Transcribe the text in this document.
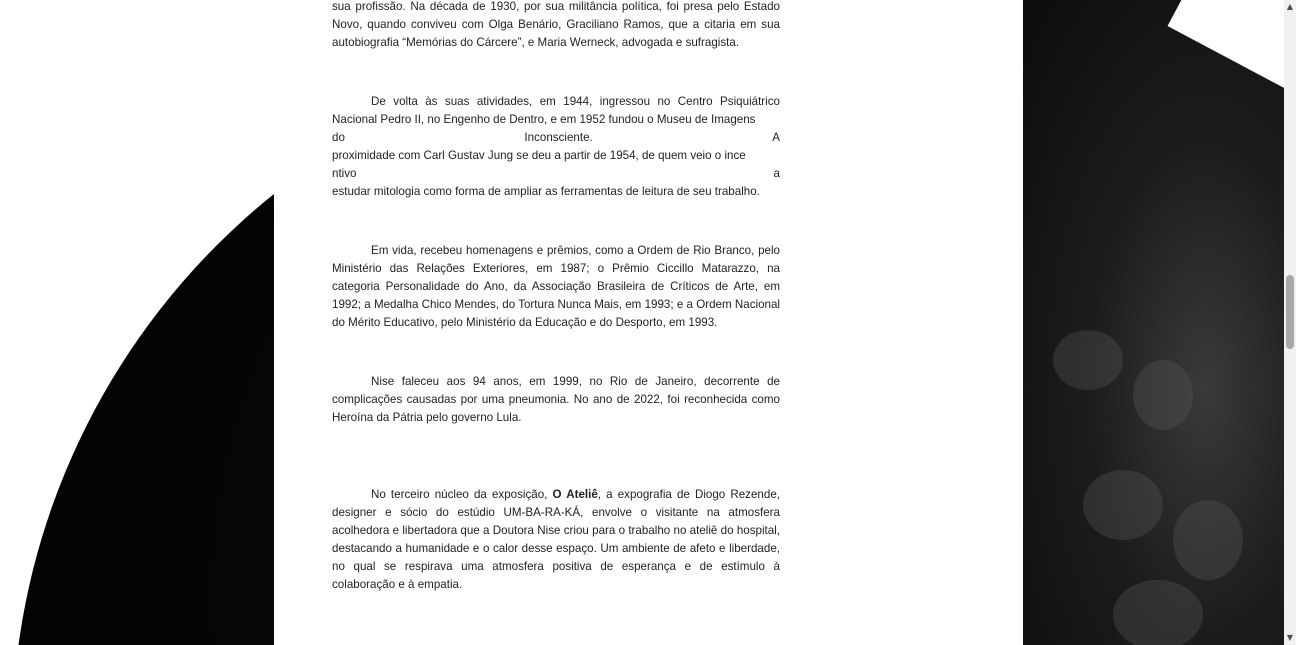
sua profissão. Na década de 1930, por sua militância política, foi presa pelo Estado Novo, quando conviveu com Olga Benário, Graciliano Ramos, que a citaria em sua autobiografia “Memórias do Cárcere”, e Maria Werneck, advogada e sufragista.

De volta às suas atividades, em 1944, ingressou no Centro Psiquiátrico Nacional Pedro II, no Engenho de Dentro, e em 1952 fundou o Museu de Imagens

do	Inconsciente.	A

proximidade com Carl Gustav Jung se deu a partir de 1954, de quem veio o ince

ntivo	a

estudar mitologia como forma de ampliar as ferramentas de leitura de seu trabalho.

Em vida, recebeu homenagens e prêmios, como a Ordem de Rio Branco, pelo Ministério das Relações Exteriores, em 1987; o Prêmio Ciccillo Matarazzo, na categoria Personalidade do Ano, da Associação Brasileira de Críticos de Arte, em 1992; a Medalha Chico Mendes, do Tortura Nunca Mais, em 1993; e a Ordem Nacional do Mérito Educativo, pelo Ministério da Educação e do Desporto, em 1993.

Nise faleceu aos 94 anos, em 1999, no Rio de Janeiro, decorrente de complicações causadas por uma pneumonia. No ano de 2022, foi reconhecida como Heroína da Pátria pelo governo Lula.

No terceiro núcleo da exposição, O Ateliê, a expografia de Diogo Rezende, designer e sócio do estúdio UM-BA-RA-KÁ, envolve o visitante na atmosfera acolhedora e libertadora que a Doutora Nise criou para o trabalho no ateliê do hospital, destacando a humanidade e o calor desse espaço. Um ambiente de afeto e liberdade, no qual se respirava uma atmosfera positiva de esperança e de estímulo à colaboração e à empatia.

▲
▼
